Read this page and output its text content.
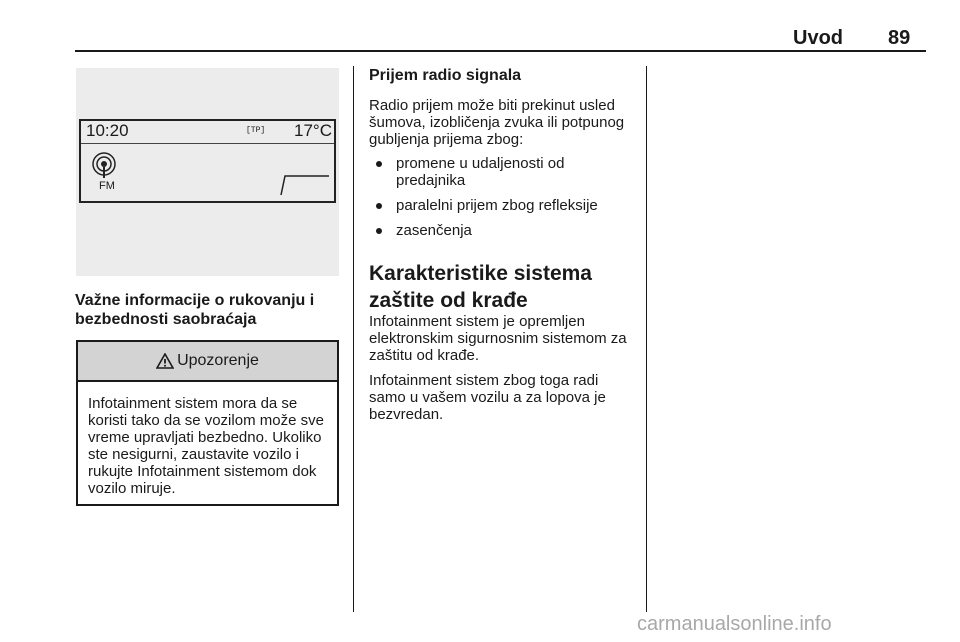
Uvod 89
10:20	[TP] 17°C
FM
Važne informacije o rukovanju i bezbednosti saobraćaja
Upozorenje
Infotainment sistem mora da se koristi tako da se vozilom može sve vreme upravljati bezbedno. Ukoliko ste nesigurni, zaustavite vozilo i rukujte Infotainment sistemom dok vozilo miruje.
Prijem radio signala
Radio prijem može biti prekinut usled šumova, izobličenja zvuka ili potpunog gubljenja prijema zbog:
promene u udaljenosti od predajnika
paralelni prijem zbog refleksije
zasenčenja
Karakteristike sistema zaštite od krađe
Infotainment sistem je opremljen elektronskim sigurnosnim sistemom za zaštitu od krađe.
Infotainment sistem zbog toga radi samo u vašem vozilu a za lopova je bezvredan.
carmanualsonline.info
